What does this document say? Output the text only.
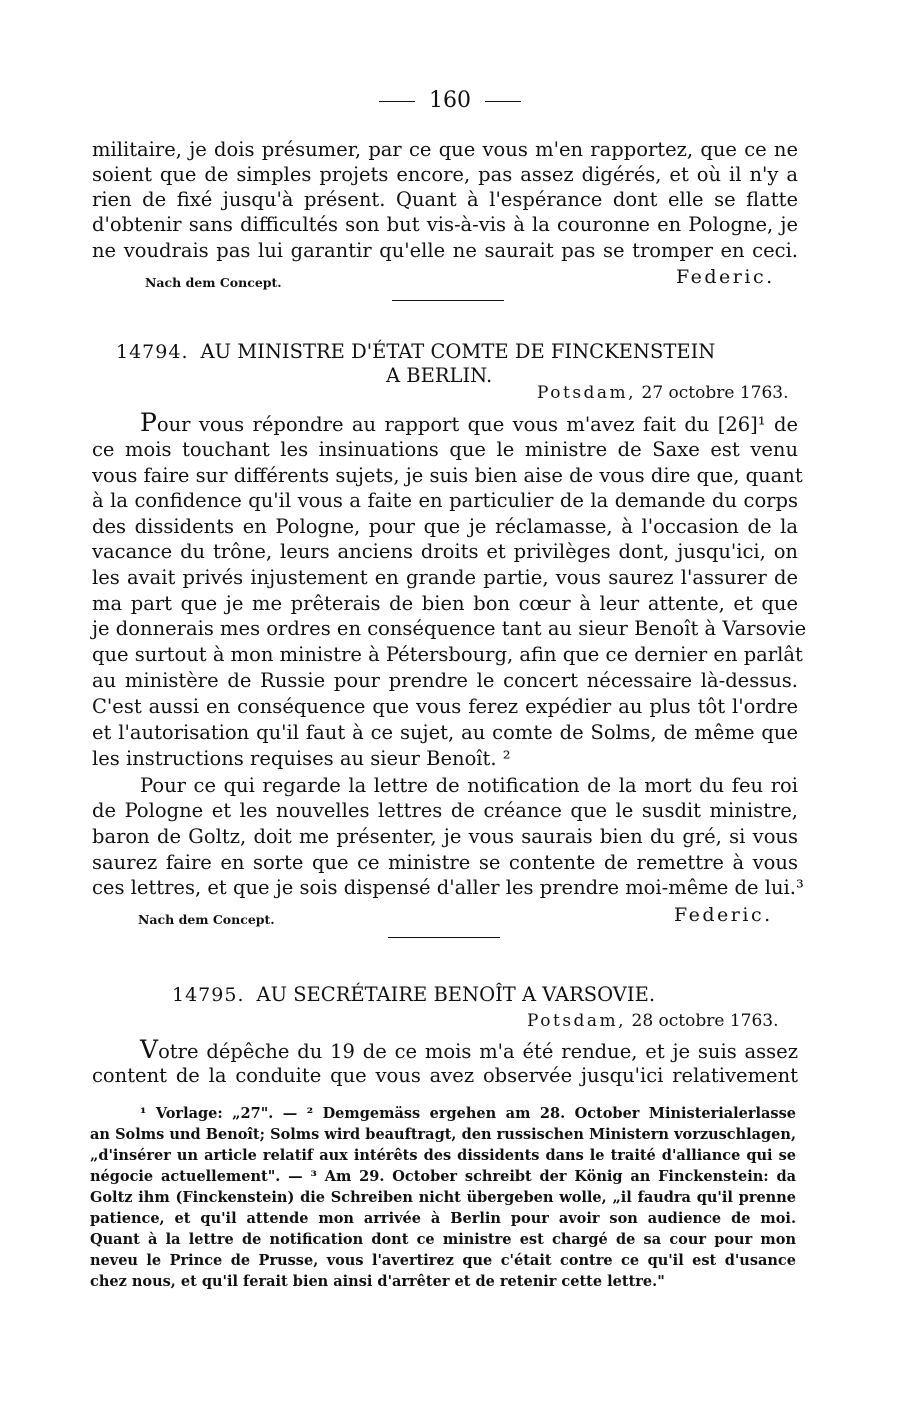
160
militaire, je dois présumer, par ce que vous m'en rapportez, que ce ne
soient que de simples projets encore, pas assez digérés, et où il n'y a
rien de fixé jusqu'à présent. Quant à l'espérance dont elle se flatte
d'obtenir sans difficultés son but vis-à-vis à la couronne en Pologne, je
ne voudrais pas lui garantir qu'elle ne saurait pas se tromper en ceci.
Nach dem Concept.	Federic.
14794. AU MINISTRE D'ÉTAT COMTE DE FINCKENSTEIN
A BERLIN.
Potsdam, 27 octobre 1763.
Pour vous répondre au rapport que vous m'avez fait du [26]¹ de
ce mois touchant les insinuations que le ministre de Saxe est venu
vous faire sur différents sujets, je suis bien aise de vous dire que, quant
à la confidence qu'il vous a faite en particulier de la demande du corps
des dissidents en Pologne, pour que je réclamasse, à l'occasion de la
vacance du trône, leurs anciens droits et privilèges dont, jusqu'ici, on
les avait privés injustement en grande partie, vous saurez l'assurer de
ma part que je me prêterais de bien bon cœur à leur attente, et que
je donnerais mes ordres en conséquence tant au sieur Benoît à Varsovie
que surtout à mon ministre à Pétersbourg, afin que ce dernier en parlât
au ministère de Russie pour prendre le concert nécessaire là-dessus.
C'est aussi en conséquence que vous ferez expédier au plus tôt l'ordre
et l'autorisation qu'il faut à ce sujet, au comte de Solms, de même que
les instructions requises au sieur Benoît. ²
Pour ce qui regarde la lettre de notification de la mort du feu roi
de Pologne et les nouvelles lettres de créance que le susdit ministre,
baron de Goltz, doit me présenter, je vous saurais bien du gré, si vous
saurez faire en sorte que ce ministre se contente de remettre à vous
ces lettres, et que je sois dispensé d'aller les prendre moi-même de lui.³
Nach dem Concept.	Federic.
14795. AU SECRÉTAIRE BENOÎT A VARSOVIE.
Potsdam, 28 octobre 1763.
Votre dépêche du 19 de ce mois m'a été rendue, et je suis assez
content de la conduite que vous avez observée jusqu'ici relativement
¹ Vorlage: „27". — ² Demgemäss ergehen am 28. October Ministerialerlasse
an Solms und Benoît; Solms wird beauftragt, den russischen Ministern vorzuschlagen,
„d'insérer un article relatif aux intérêts des dissidents dans le traité d'alliance qui se
négocie actuellement". — ³ Am 29. October schreibt der König an Finckenstein: da
Goltz ihm (Finckenstein) die Schreiben nicht übergeben wolle, „il faudra qu'il prenne
patience, et qu'il attende mon arrivée à Berlin pour avoir son audience de moi.
Quant à la lettre de notification dont ce ministre est chargé de sa cour pour mon
neveu le Prince de Prusse, vous l'avertirez que c'était contre ce qu'il est d'usance
chez nous, et qu'il ferait bien ainsi d'arrêter et de retenir cette lettre."
